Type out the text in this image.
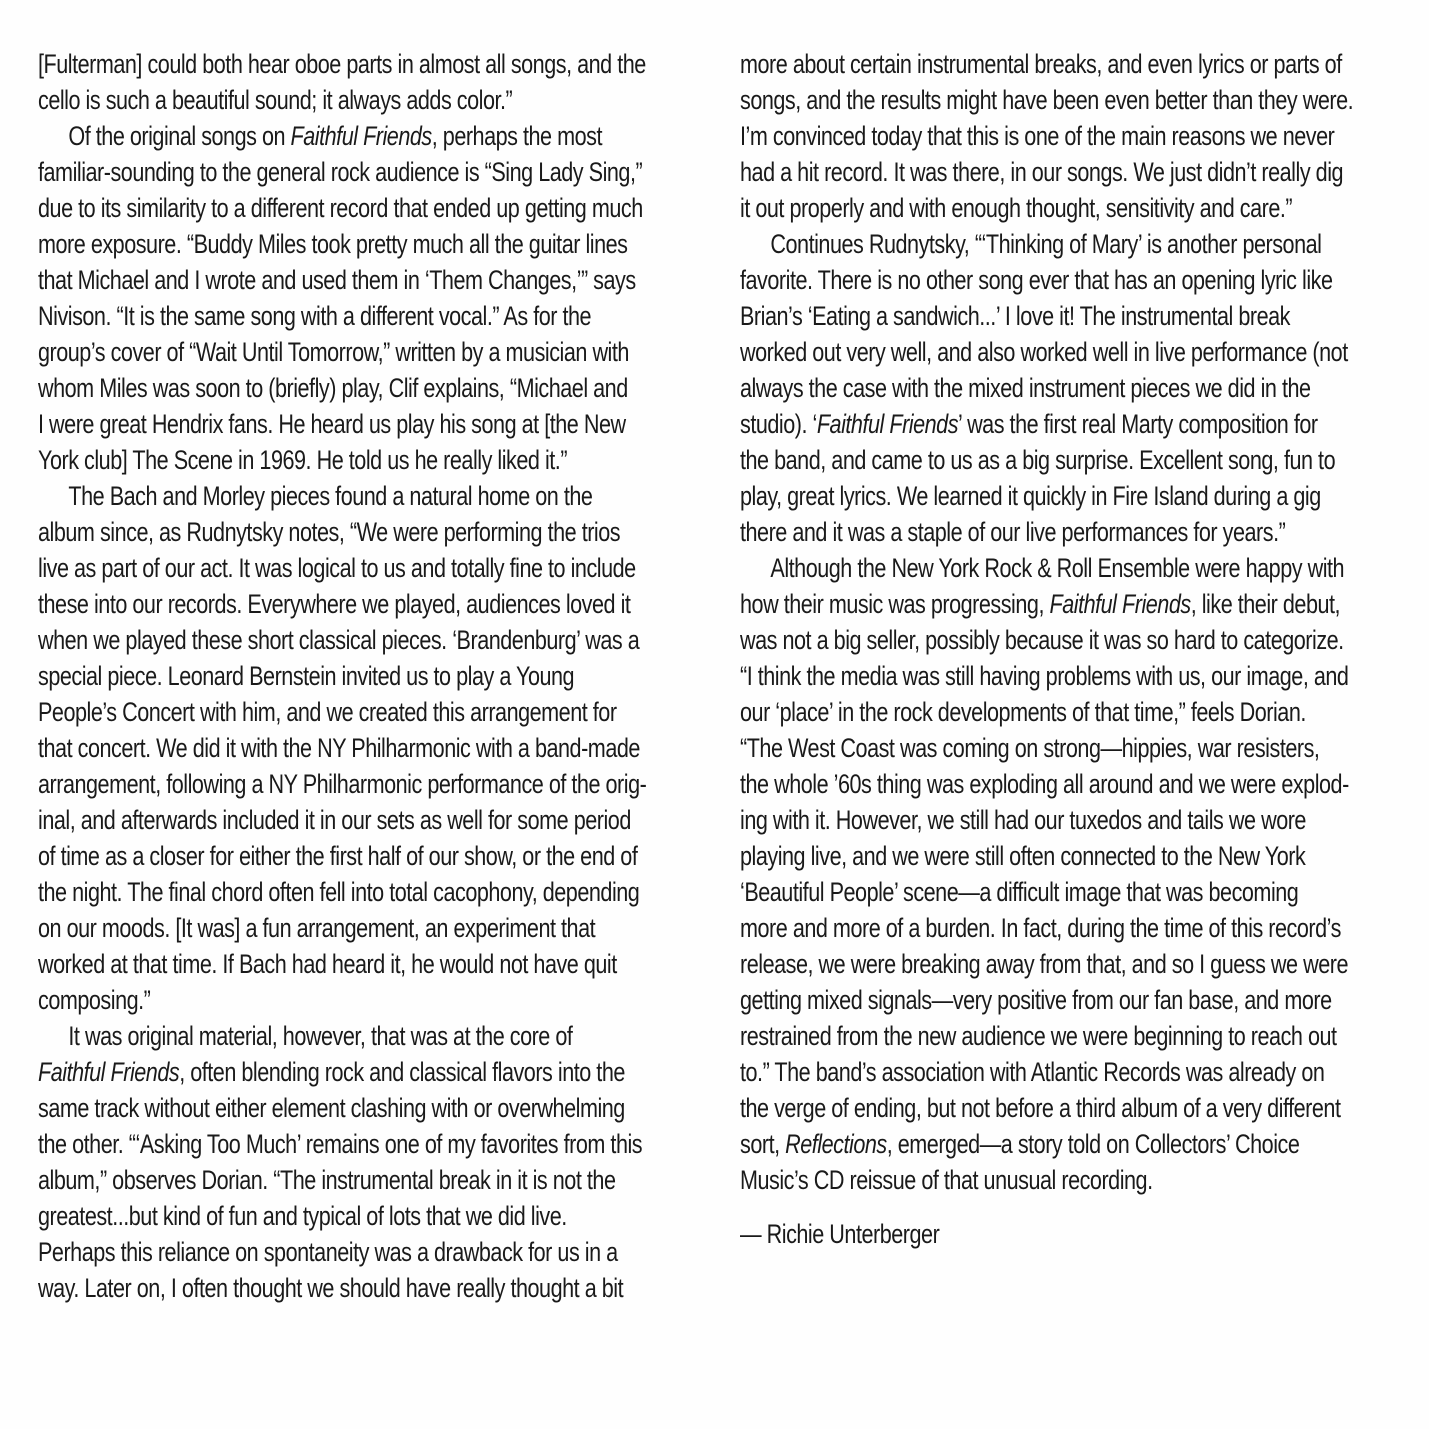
[Fulterman] could both hear oboe parts in almost all songs, and the
cello is such a beautiful sound; it always adds color.”
Of the original songs on Faithful Friends, perhaps the most
familiar-sounding to the general rock audience is “Sing Lady Sing,”
due to its similarity to a different record that ended up getting much
more exposure. “Buddy Miles took pretty much all the guitar lines
that Michael and I wrote and used them in ‘Them Changes,’” says
Nivison. “It is the same song with a different vocal.” As for the
group’s cover of “Wait Until Tomorrow,” written by a musician with
whom Miles was soon to (briefly) play, Clif explains, “Michael and
I were great Hendrix fans. He heard us play his song at [the New
York club] The Scene in 1969. He told us he really liked it.”
The Bach and Morley pieces found a natural home on the
album since, as Rudnytsky notes, “We were performing the trios
live as part of our act. It was logical to us and totally fine to include
these into our records. Everywhere we played, audiences loved it
when we played these short classical pieces. ‘Brandenburg’ was a
special piece. Leonard Bernstein invited us to play a Young
People’s Concert with him, and we created this arrangement for
that concert. We did it with the NY Philharmonic with a band-made
arrangement, following a NY Philharmonic performance of the orig-
inal, and afterwards included it in our sets as well for some period
of time as a closer for either the first half of our show, or the end of
the night. The final chord often fell into total cacophony, depending
on our moods. [It was] a fun arrangement, an experiment that
worked at that time. If Bach had heard it, he would not have quit
composing.”
It was original material, however, that was at the core of
Faithful Friends, often blending rock and classical flavors into the
same track without either element clashing with or overwhelming
the other. “‘Asking Too Much’ remains one of my favorites from this
album,” observes Dorian. “The instrumental break in it is not the
greatest...but kind of fun and typical of lots that we did live.
Perhaps this reliance on spontaneity was a drawback for us in a
way. Later on, I often thought we should have really thought a bit
more about certain instrumental breaks, and even lyrics or parts of
songs, and the results might have been even better than they were.
I’m convinced today that this is one of the main reasons we never
had a hit record. It was there, in our songs. We just didn’t really dig
it out properly and with enough thought, sensitivity and care.”
Continues Rudnytsky, “‘Thinking of Mary’ is another personal
favorite. There is no other song ever that has an opening lyric like
Brian’s ‘Eating a sandwich...’ I love it! The instrumental break
worked out very well, and also worked well in live performance (not
always the case with the mixed instrument pieces we did in the
studio). ‘Faithful Friends’ was the first real Marty composition for
the band, and came to us as a big surprise. Excellent song, fun to
play, great lyrics. We learned it quickly in Fire Island during a gig
there and it was a staple of our live performances for years.”
Although the New York Rock & Roll Ensemble were happy with
how their music was progressing, Faithful Friends, like their debut,
was not a big seller, possibly because it was so hard to categorize.
“I think the media was still having problems with us, our image, and
our ‘place’ in the rock developments of that time,” feels Dorian.
“The West Coast was coming on strong—hippies, war resisters,
the whole ’60s thing was exploding all around and we were explod-
ing with it. However, we still had our tuxedos and tails we wore
playing live, and we were still often connected to the New York
‘Beautiful People’ scene—a difficult image that was becoming
more and more of a burden. In fact, during the time of this record’s
release, we were breaking away from that, and so I guess we were
getting mixed signals—very positive from our fan base, and more
restrained from the new audience we were beginning to reach out
to.” The band’s association with Atlantic Records was already on
the verge of ending, but not before a third album of a very different
sort, Reflections, emerged—a story told on Collectors’ Choice
Music’s CD reissue of that unusual recording.
— Richie Unterberger
